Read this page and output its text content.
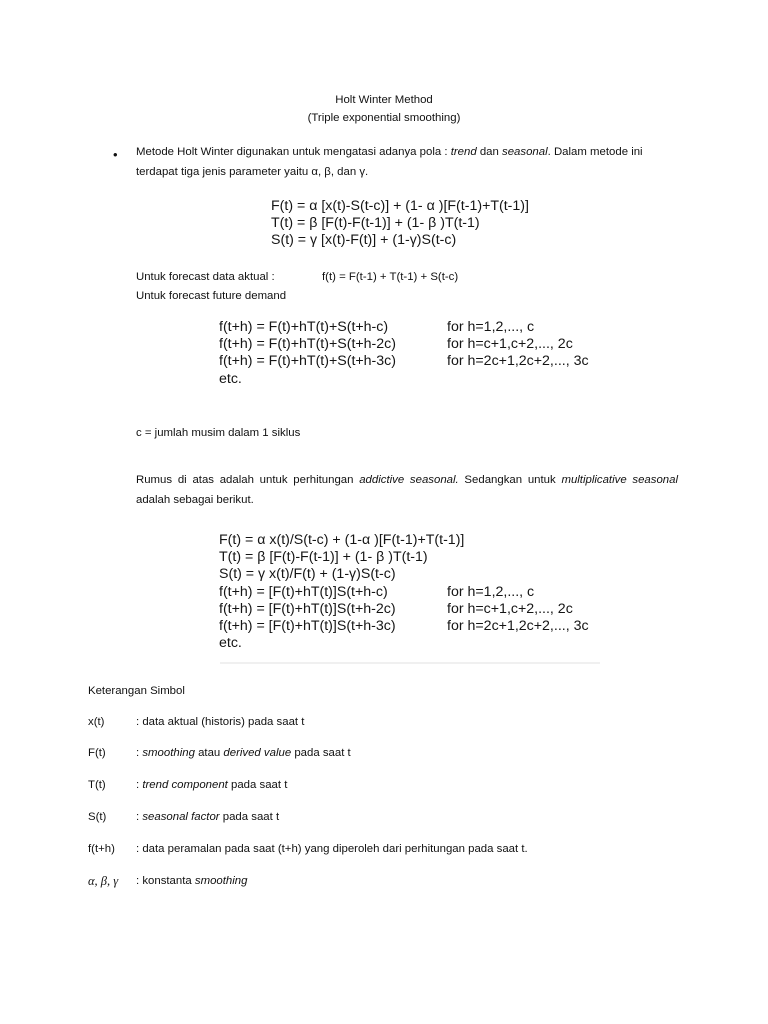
Holt Winter Method
(Triple exponential smoothing)
• Metode Holt Winter digunakan untuk mengatasi adanya pola : trend dan seasonal. Dalam metode ini terdapat tiga jenis parameter yaitu α, β, dan γ.
F(t) = α [x(t)-S(t-c)] + (1- α )[F(t-1)+T(t-1)]
T(t) = β [F(t)-F(t-1)] + (1- β )T(t-1)
S(t) = γ [x(t)-F(t)] + (1-γ)S(t-c)
Untuk forecast data aktual :	f(t) = F(t-1) + T(t-1) + S(t-c)
Untuk forecast future demand
f(t+h) = F(t)+hT(t)+S(t+h-c)	for h=1,2,..., c
f(t+h) = F(t)+hT(t)+S(t+h-2c)	for h=c+1,c+2,..., 2c
f(t+h) = F(t)+hT(t)+S(t+h-3c)	for h=2c+1,2c+2,..., 3c
etc.
c = jumlah musim dalam 1 siklus
Rumus di atas adalah untuk perhitungan addictive seasonal. Sedangkan untuk multiplicative seasonal adalah sebagai berikut.
F(t) = α x(t)/S(t-c) + (1-α )[F(t-1)+T(t-1)]
T(t) = β [F(t)-F(t-1)] + (1- β )T(t-1)
S(t) = γ x(t)/F(t) + (1-γ)S(t-c)
f(t+h) = [F(t)+hT(t)]S(t+h-c)	for h=1,2,..., c
f(t+h) = [F(t)+hT(t)]S(t+h-2c)	for h=c+1,c+2,..., 2c
f(t+h) = [F(t)+hT(t)]S(t+h-3c)	for h=2c+1,2c+2,..., 3c
etc.
Keterangan Simbol
x(t)	: data aktual (historis) pada saat t
F(t)	: smoothing atau derived value pada saat t
T(t)	: trend component pada saat t
S(t)	: seasonal factor pada saat t
f(t+h) : data peramalan pada saat (t+h) yang diperoleh dari perhitungan pada saat t.
α, β, γ : konstanta smoothing
